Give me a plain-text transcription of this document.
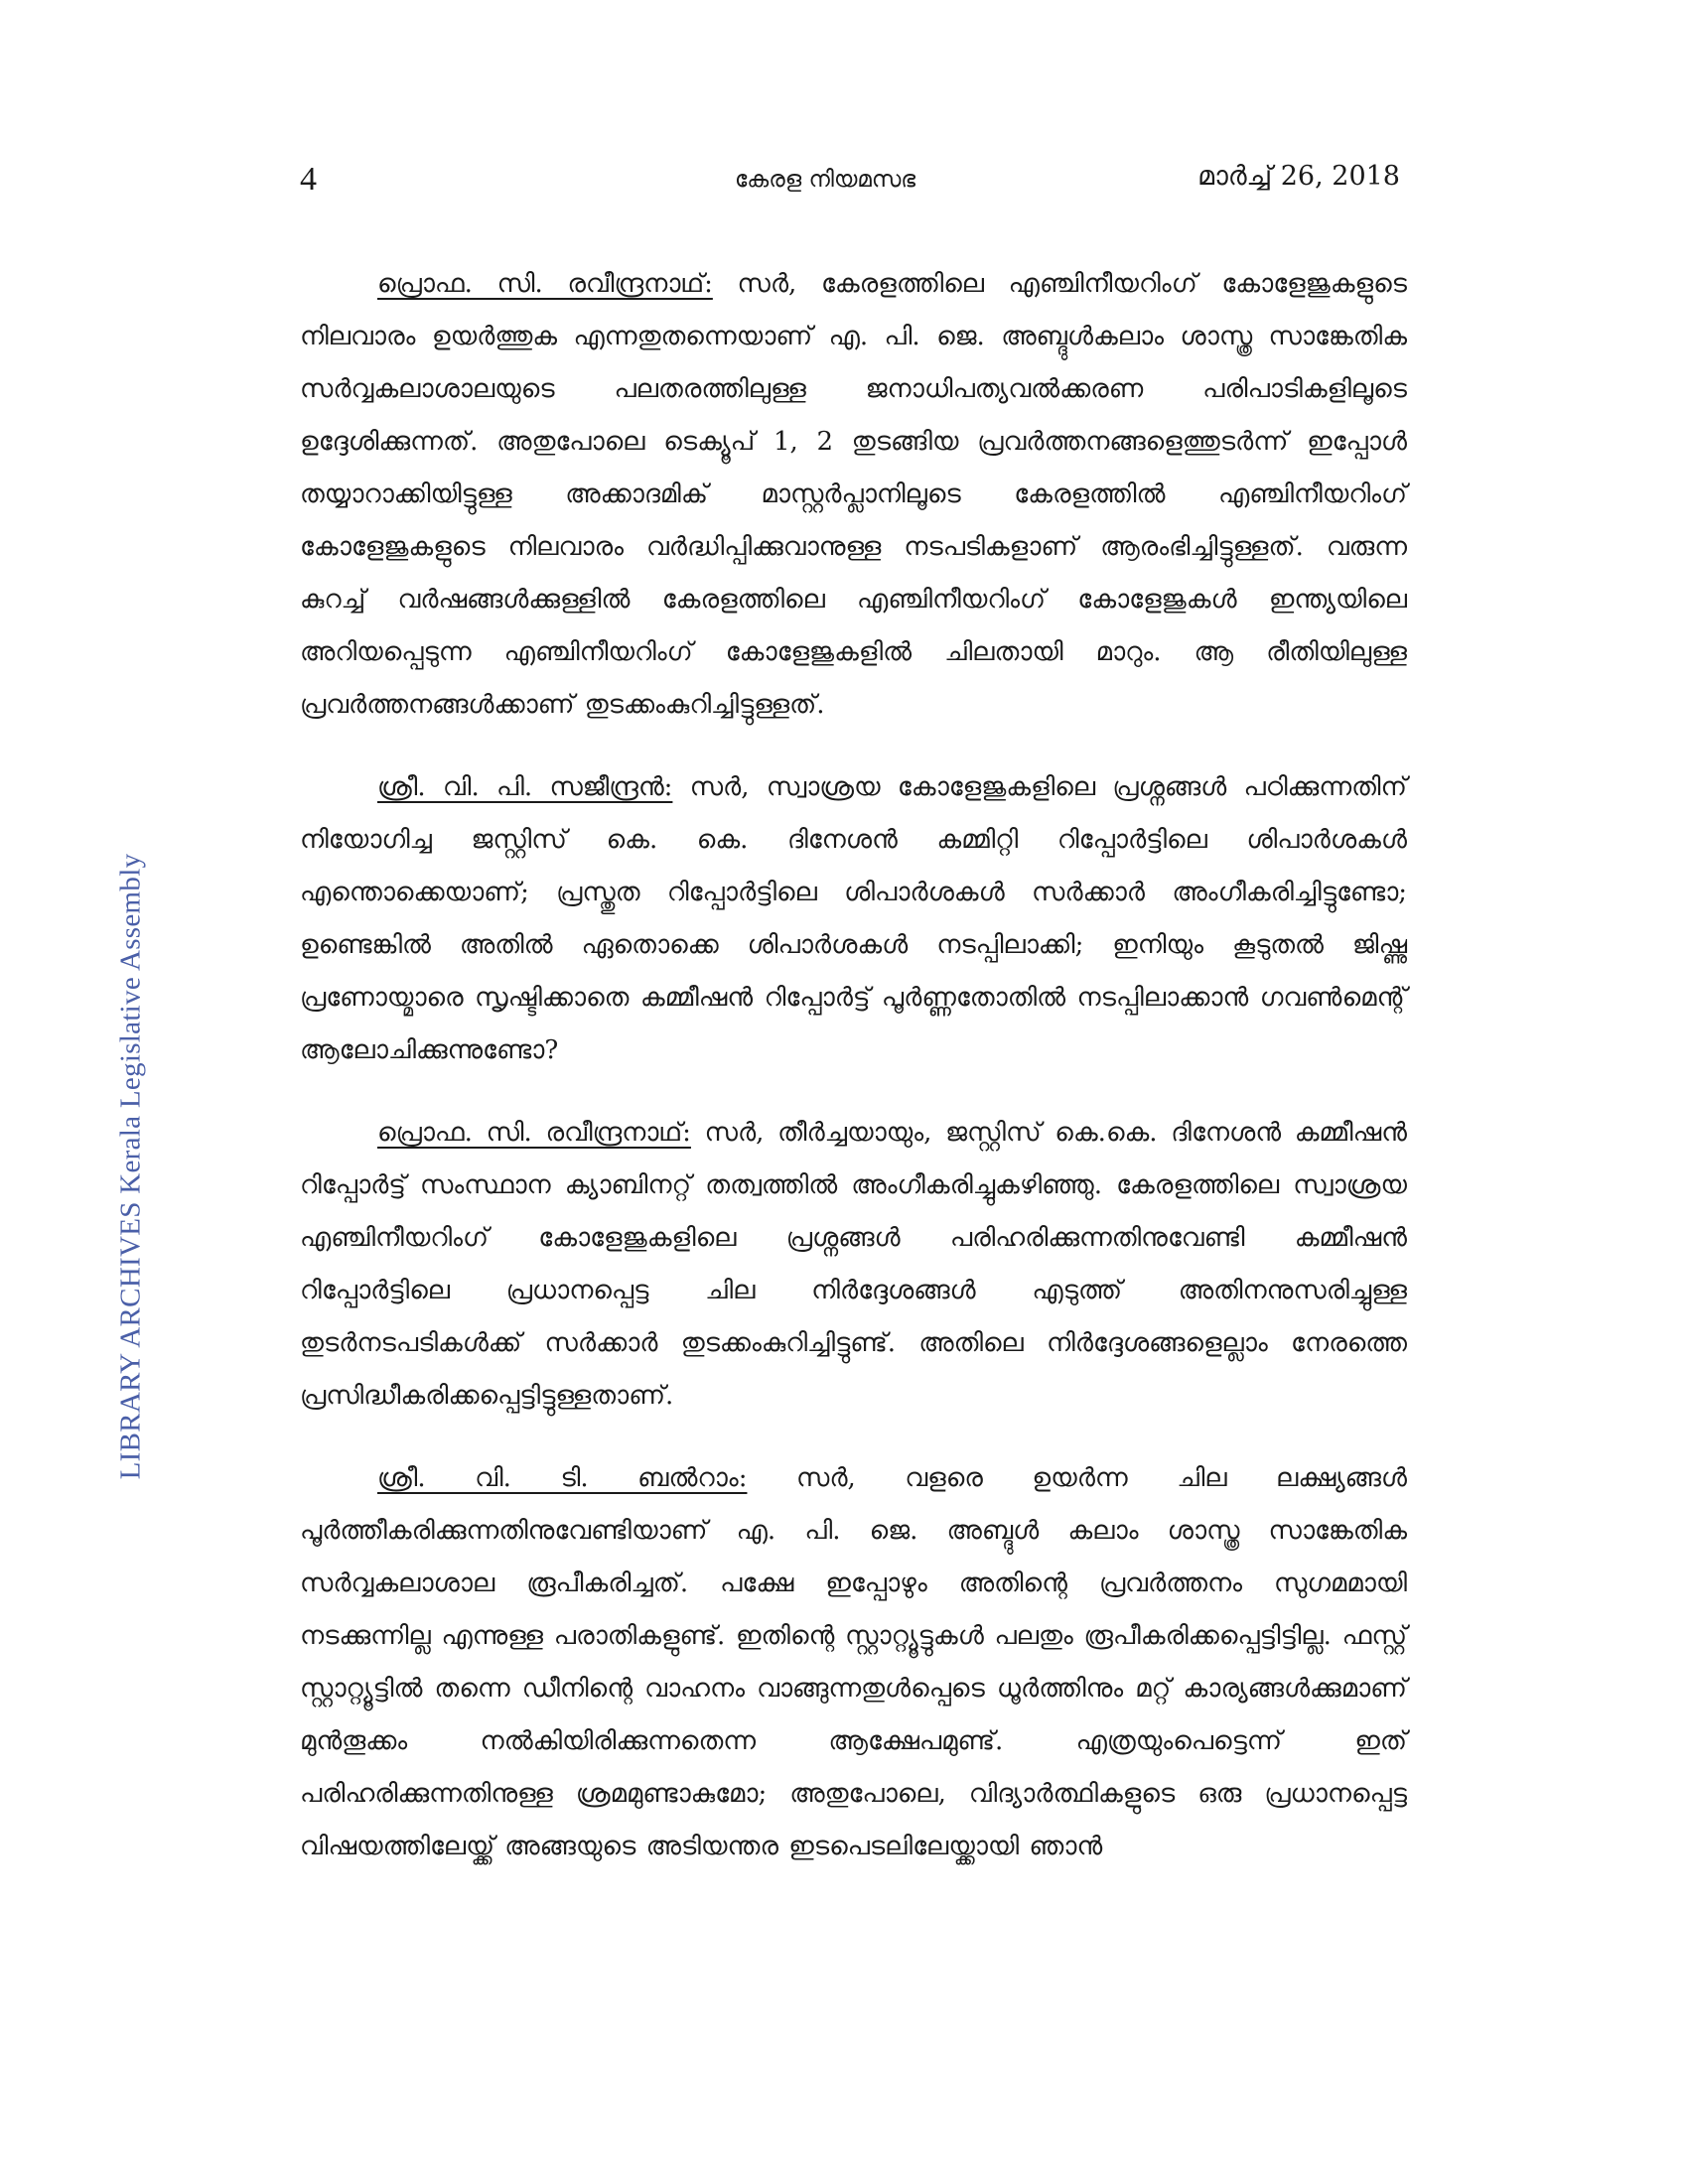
4	കേരള നിയമസഭ	മാർച്ച് 26, 2018
LIBRARY ARCHIVES Kerala Legislative Assembly

പ്രൊഫ. സി. രവീന്ദ്രനാഥ്: സർ, കേരളത്തിലെ എഞ്ചിനീയറിംഗ് കോളേജുകളുടെ നിലവാരം ഉയർത്തുക എന്നതുതന്നെയാണ് എ. പി. ജെ. അബ്ദുൾകലാം ശാസ്ത്ര സാങ്കേതിക സർവ്വകലാശാലയുടെ പലതരത്തിലുള്ള ജനാധിപത്യവൽക്കരണ പരിപാടികളിലൂടെ ഉദ്ദേശിക്കുന്നത്. അതുപോലെ ടെക്യൂപ് 1, 2 തുടങ്ങിയ പ്രവർത്തനങ്ങളെത്തുടർന്ന് ഇപ്പോൾ തയ്യാറാക്കിയിട്ടുള്ള അക്കാദമിക് മാസ്റ്റർപ്ലാനിലൂടെ കേരളത്തിൽ എഞ്ചിനീയറിംഗ് കോളേജുകളുടെ നിലവാരം വർദ്ധിപ്പിക്കുവാനുള്ള നടപടികളാണ് ആരംഭിച്ചിട്ടുള്ളത്. വരുന്ന കുറച്ച് വർഷങ്ങൾക്കുള്ളിൽ കേരളത്തിലെ എഞ്ചിനീയറിംഗ് കോളേജുകൾ ഇന്ത്യയിലെ അറിയപ്പെടുന്ന എഞ്ചിനീയറിംഗ് കോളേജുകളിൽ ചിലതായി മാറും. ആ രീതിയിലുള്ള പ്രവർത്തനങ്ങൾക്കാണ് തുടക്കംകുറിച്ചിട്ടുള്ളത്.

ശ്രീ. വി. പി. സജീന്ദ്രൻ: സർ, സ്വാശ്രയ കോളേജുകളിലെ പ്രശ്നങ്ങൾ പഠിക്കുന്നതിന് നിയോഗിച്ച ജസ്റ്റിസ് കെ. കെ. ദിനേശൻ കമ്മിറ്റി റിപ്പോർട്ടിലെ ശിപാർശകൾ എന്തൊക്കെയാണ്; പ്രസ്തുത റിപ്പോർട്ടിലെ ശിപാർശകൾ സർക്കാർ അംഗീകരിച്ചിട്ടുണ്ടോ; ഉണ്ടെങ്കിൽ അതിൽ ഏതൊക്കെ ശിപാർശകൾ നടപ്പിലാക്കി; ഇനിയും കൂടുതൽ ജിഷ്ണു പ്രണോയ്മാരെ സൃഷ്ടിക്കാതെ കമ്മീഷൻ റിപ്പോർട്ട് പൂർണ്ണതോതിൽ നടപ്പിലാക്കാൻ ഗവൺമെന്റ് ആലോചിക്കുന്നുണ്ടോ?

പ്രൊഫ. സി. രവീന്ദ്രനാഥ്: സർ, തീർച്ചയായും, ജസ്റ്റിസ് കെ.കെ. ദിനേശൻ കമ്മീഷൻ റിപ്പോർട്ട് സംസ്ഥാന ക്യാബിനറ്റ് തത്വത്തിൽ അംഗീകരിച്ചുകഴിഞ്ഞു. കേരളത്തിലെ സ്വാശ്രയ എഞ്ചിനീയറിംഗ് കോളേജുകളിലെ പ്രശ്നങ്ങൾ പരിഹരിക്കുന്നതിനുവേണ്ടി കമ്മീഷൻ റിപ്പോർട്ടിലെ പ്രധാനപ്പെട്ട ചില നിർദ്ദേശങ്ങൾ എടുത്ത് അതിനനുസരിച്ചുള്ള തുടർനടപടികൾക്ക് സർക്കാർ തുടക്കംകുറിച്ചിട്ടുണ്ട്. അതിലെ നിർദ്ദേശങ്ങളെല്ലാം നേരത്തെ പ്രസിദ്ധീകരിക്കപ്പെട്ടിട്ടുള്ളതാണ്.

ശ്രീ. വി. ടി. ബൽറാം: സർ, വളരെ ഉയർന്ന ചില ലക്ഷ്യങ്ങൾ പൂർത്തീകരിക്കുന്നതിനുവേണ്ടിയാണ് എ. പി. ജെ. അബ്ദുൾ കലാം ശാസ്ത്ര സാങ്കേതിക സർവ്വകലാശാല രൂപീകരിച്ചത്. പക്ഷേ ഇപ്പോഴും അതിന്റെ പ്രവർത്തനം സുഗമമായി നടക്കുന്നില്ല എന്നുള്ള പരാതികളുണ്ട്. ഇതിന്റെ സ്റ്റാറ്റ്യൂട്ടുകൾ പലതും രൂപീകരിക്കപ്പെട്ടിട്ടില്ല. ഫസ്റ്റ് സ്റ്റാറ്റ്യൂട്ടിൽ തന്നെ ഡീനിന്റെ വാഹനം വാങ്ങുന്നതുൾപ്പെടെ ധൂർത്തിനും മറ്റ് കാര്യങ്ങൾക്കുമാണ് മുൻതൂക്കം നൽകിയിരിക്കുന്നതെന്ന ആക്ഷേപമുണ്ട്. എത്രയുംപെട്ടെന്ന് ഇത് പരിഹരിക്കുന്നതിനുള്ള ശ്രമമുണ്ടാകുമോ; അതുപോലെ, വിദ്യാർത്ഥികളുടെ ഒരു പ്രധാനപ്പെട്ട വിഷയത്തിലേയ്ക്ക് അങ്ങയുടെ അടിയന്തര ഇടപെടലിലേയ്ക്കായി ഞാൻ
